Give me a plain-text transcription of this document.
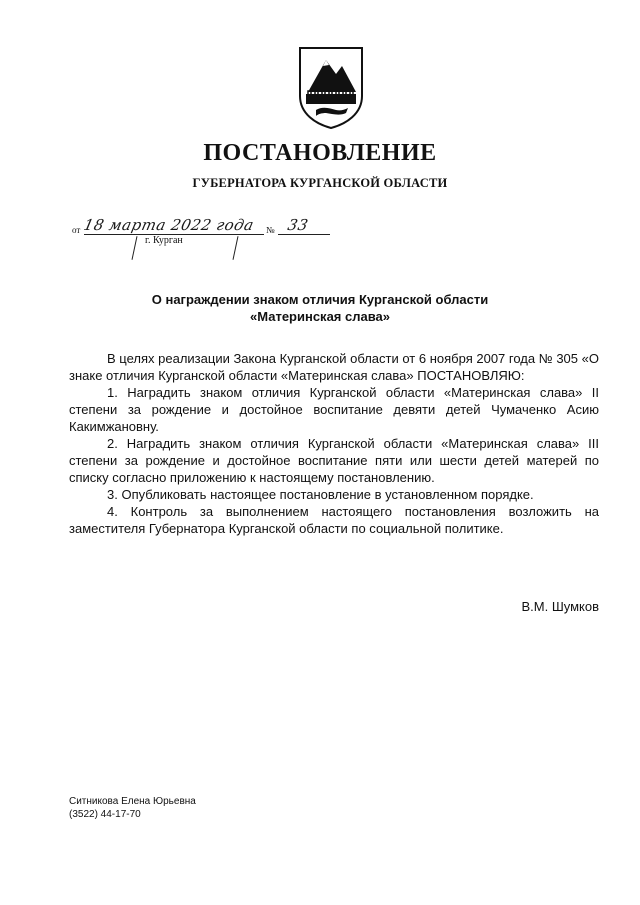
ПОСТАНОВЛЕНИЕ
ГУБЕРНАТОРА КУРГАНСКОЙ ОБЛАСТИ
от 18 марта 2022 года № 33
г. Курган
О награждении знаком отличия Курганской области
«Материнская слава»

В целях реализации Закона Курганской области от 6 ноября 2007 года № 305 «О знаке отличия Курганской области «Материнская слава» ПОСТАНОВЛЯЮ:

1. Наградить знаком отличия Курганской области «Материнская слава» II степени за рождение и достойное воспитание девяти детей Чумаченко Асию Какимжановну.

2. Наградить знаком отличия Курганской области «Материнская слава» III степени за рождение и достойное воспитание пяти или шести детей матерей по списку согласно приложению к настоящему постановлению.

3. Опубликовать настоящее постановление в установленном порядке.

4. Контроль за выполнением настоящего постановления возложить на заместителя Губернатора Курганской области по социальной политике.

В.М. Шумков
Ситникова Елена Юрьевна
(3522) 44-17-70
